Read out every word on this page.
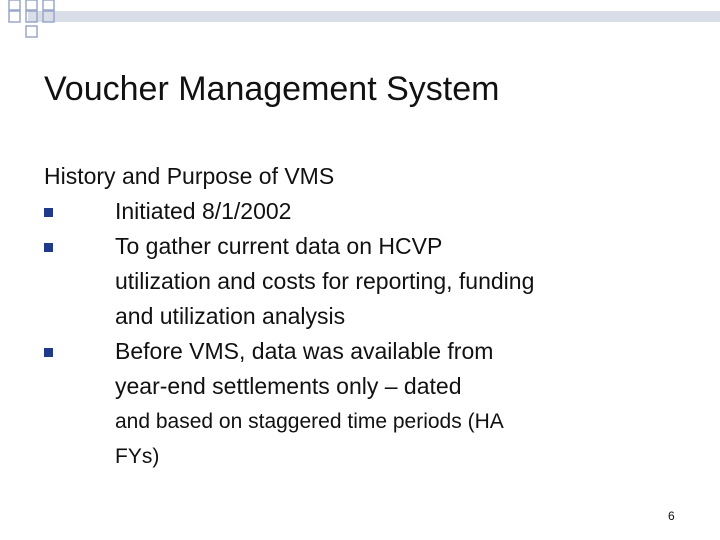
Voucher Management System
History and Purpose of VMS
Initiated 8/1/2002
To gather current data on HCVP
utilization and costs for reporting, funding
and utilization analysis
Before VMS, data was available from
year-end settlements only – dated
and based on staggered time periods (HA
FYs)
6
